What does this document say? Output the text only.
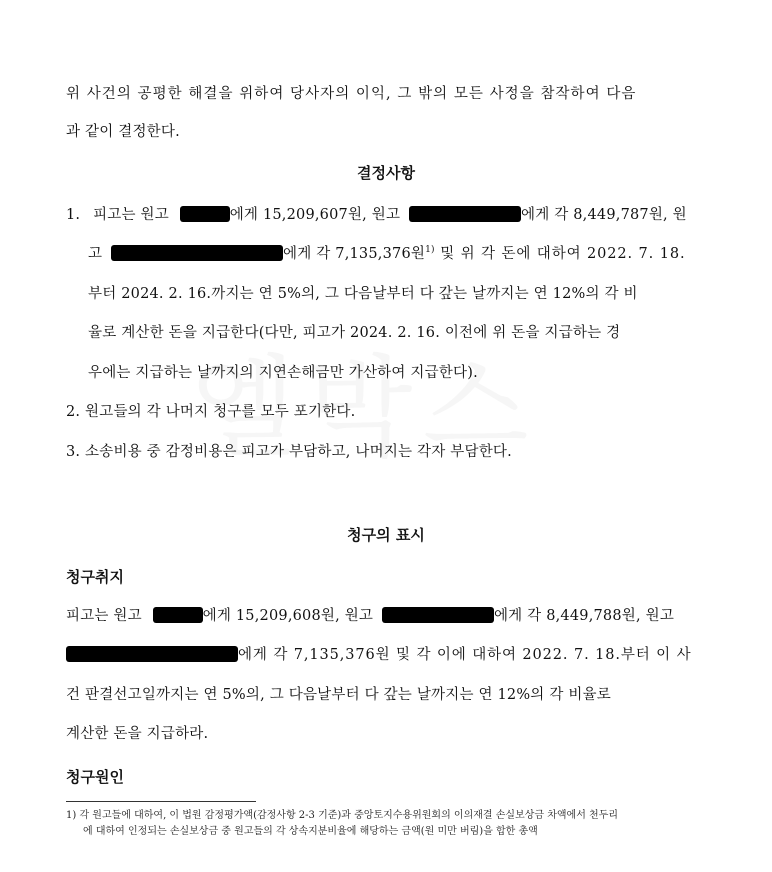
위 사건의 공평한 해결을 위하여 당사자의 이익, 그 밖의 모든 사정을 참작하여 다음
과 같이 결정한다.
결정사항
1. 피고는 원고	에게 15,209,607원, 원고	에게 각 8,449,787원, 원
고	에게 각 7,135,376원$^{1)}$ 및 위 각 돈에 대하여 2022. 7. 18.
부터 2024. 2. 16.까지는 연 5%의, 그 다음날부터 다 갚는 날까지는 연 12%의 각 비
율로 계산한 돈을 지급한다(다만, 피고가 2024. 2. 16. 이전에 위 돈을 지급하는 경
우에는 지급하는 날까지의 지연손해금만 가산하여 지급한다).
2. 원고들의 각 나머지 청구를 모두 포기한다.
3. 소송비용 중 감정비용은 피고가 부담하고, 나머지는 각자 부담한다.
청구의 표시
청구취지
피고는 원고	에게 15,209,608원, 원고	에게 각 8,449,788원, 원고
에게 각 7,135,376원 및 각 이에 대하여 2022. 7. 18.부터 이 사
건 판결선고일까지는 연 5%의, 그 다음날부터 다 갚는 날까지는 연 12%의 각 비율로
계산한 돈을 지급하라.
청구원인
1) 각 원고들에 대하여, 이 법원 감정평가액(감정사항 2-3 기준)과 중앙토지수용위원회의 이의재결 손실보상금 차액에서 천두리
에 대하여 인정되는 손실보상금 중 원고들의 각 상속지분비율에 해당하는 금액(원 미만 버림)을 합한 총액
